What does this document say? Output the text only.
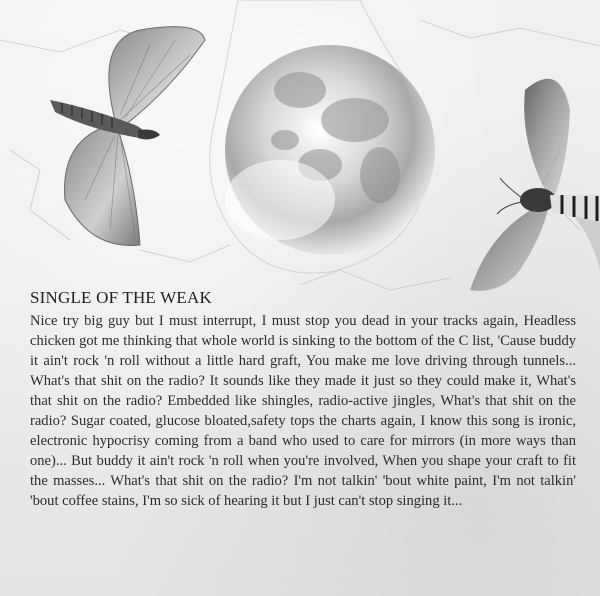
SINGLE OF THE WEAK

Nice try big guy but I must interrupt, I must stop you dead in your tracks again, Headless chicken got me thinking that whole world is sinking to the bottom of the C list, 'Cause buddy it ain't rock 'n roll without a little hard graft, You make me love driving through tunnels... What's that shit on the radio? It sounds like they made it just so they could make it, What's that shit on the radio? Embedded like shingles, radio-active jingles, What's that shit on the radio? Sugar coated, glucose bloated,safety tops the charts again, I know this song is ironic, electronic hypocrisy coming from a band who used to care for mirrors (in more ways than one)... But buddy it ain't rock 'n roll when you're involved, When you shape your craft to fit the masses... What's that shit on the radio? I'm not talkin' 'bout white paint, I'm not talkin' 'bout coffee stains, I'm so sick of hearing it but I just can't stop singing it...
